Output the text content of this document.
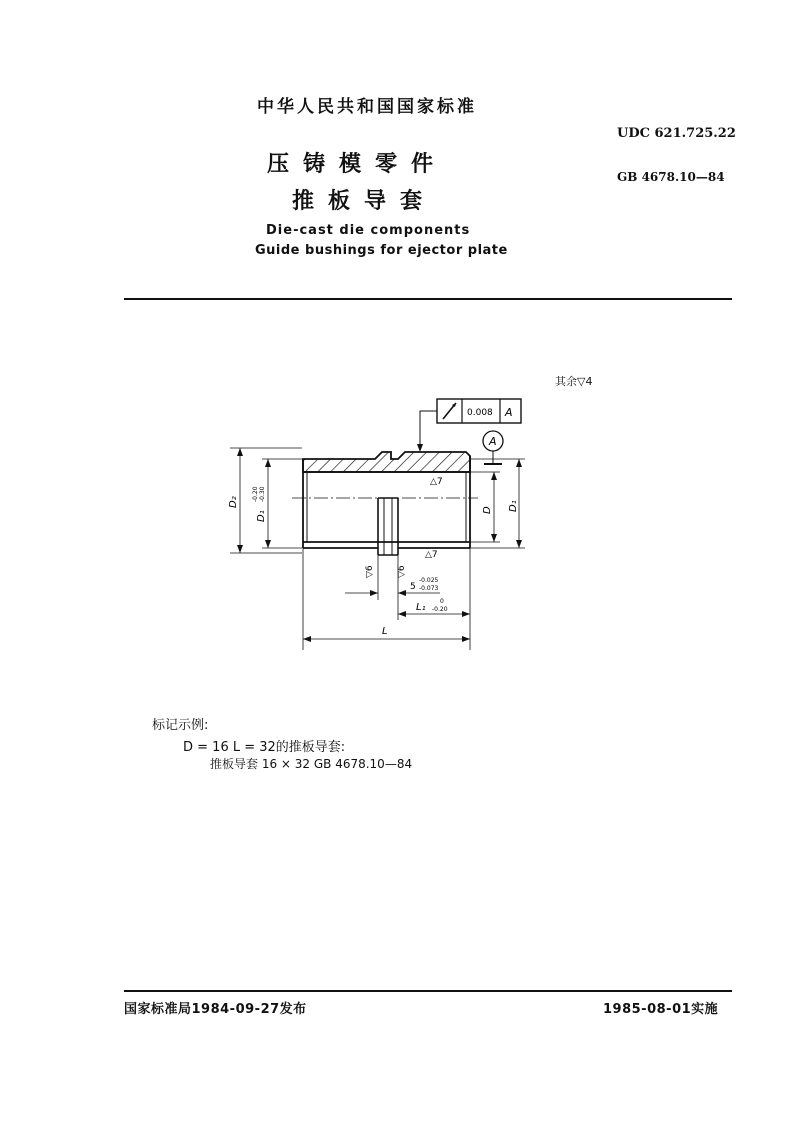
中华人民共和国国家标准
UDC 621.725.22
压铸模零件	GB 4678.10—84
推板导套
Die-cast die components
Guide bushings for ejector plate
其余▽4
0.008 A
A
△7
△7
▽6 ▽6
D₂
D₁
-0.20 -0.30
D D₁
5
-0.025
-0.073
L₁
0
-0.20
L
标记示例:
D = 16 L = 32的推板导套:
推板导套 16 × 32 GB 4678.10—84
国家标准局1984-09-27发布	1985-08-01实施
